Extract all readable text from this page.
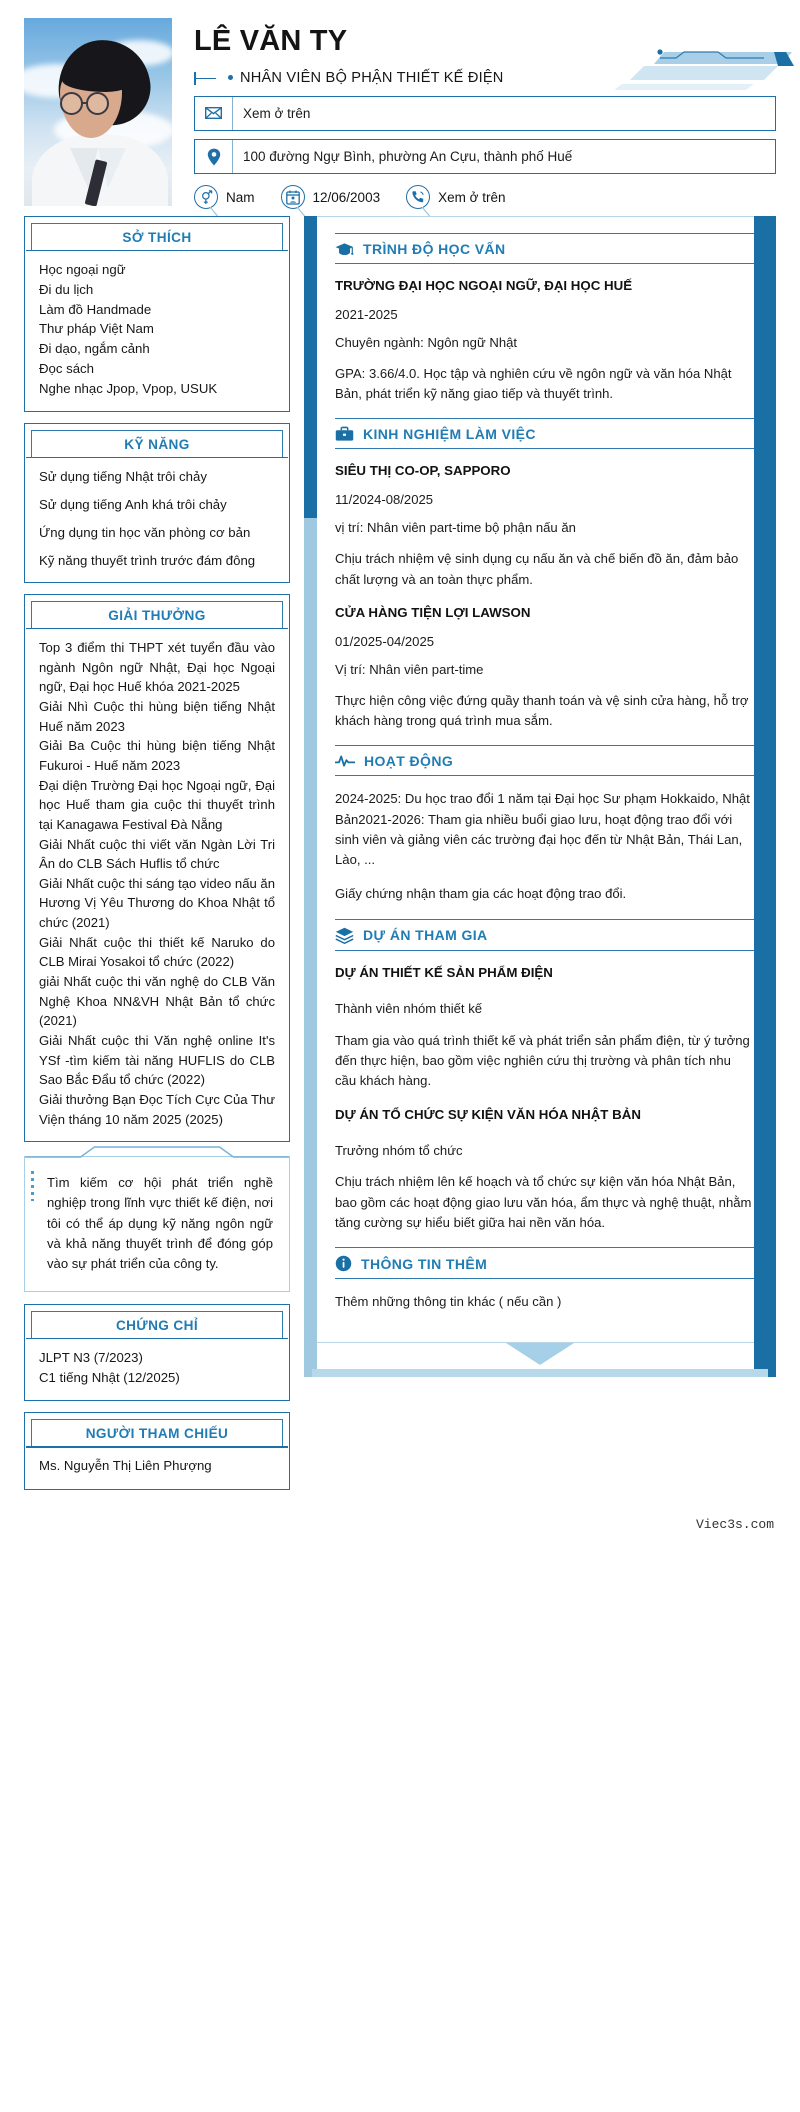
LÊ VĂN TY
NHÂN VIÊN BỘ PHẬN THIẾT KẾ ĐIỆN
Xem ở trên
100 đường Ngự Bình, phường An Cựu, thành phố Huế
Nam	12/06/2003	Xem ở trên
SỞ THÍCH
Học ngoại ngữ
Đi du lịch
Làm đồ Handmade
Thư pháp Việt Nam
Đi dạo, ngắm cảnh
Đọc sách
Nghe nhạc Jpop, Vpop, USUK
KỸ NĂNG
Sử dụng tiếng Nhật trôi chảy
Sử dụng tiếng Anh khá trôi chảy
Ứng dụng tin học văn phòng cơ bản
Kỹ năng thuyết trình trước đám đông
GIẢI THƯỞNG
Top 3 điểm thi THPT xét tuyển đầu vào ngành Ngôn ngữ Nhật, Đại học Ngoại ngữ, Đại học Huế khóa 2021-2025
Giải Nhì Cuộc thi hùng biện tiếng Nhật Huế năm 2023
Giải Ba Cuộc thi hùng biện tiếng Nhật Fukuroi - Huế năm 2023
Đại diện Trường Đại học Ngoại ngữ, Đại học Huế tham gia cuộc thi thuyết trình tại Kanagawa Festival Đà Nẵng
Giải Nhất cuộc thi viết văn Ngàn Lời Tri Ân do CLB Sách Huflis tổ chức
Giải Nhất cuộc thi sáng tạo video nấu ăn Hương Vị Yêu Thương do Khoa Nhật tổ chức (2021)
Giải Nhất cuộc thi thiết kế Naruko do CLB Mirai Yosakoi tổ chức (2022)
giải Nhất cuộc thi văn nghệ do CLB Văn Nghệ Khoa NN&VH Nhật Bản tổ chức (2021)
Giải Nhất cuộc thi Văn nghệ online It's YSf -tìm kiếm tài năng HUFLIS do CLB Sao Bắc Đẩu tổ chức (2022)
Giải thưởng Bạn Đọc Tích Cực Của Thư Viện tháng 10 năm 2025 (2025)
Tìm kiếm cơ hội phát triển nghề nghiệp trong lĩnh vực thiết kế điện, nơi tôi có thể áp dụng kỹ năng ngôn ngữ và khả năng thuyết trình để đóng góp vào sự phát triển của công ty.
CHỨNG CHỈ
JLPT N3 (7/2023)
C1 tiếng Nhật (12/2025)
NGƯỜI THAM CHIẾU
Ms. Nguyễn Thị Liên Phượng
TRÌNH ĐỘ HỌC VẤN
TRƯỜNG ĐẠI HỌC NGOẠI NGỮ, ĐẠI HỌC HUẾ
2021-2025
Chuyên ngành: Ngôn ngữ Nhật
GPA: 3.66/4.0. Học tập và nghiên cứu về ngôn ngữ và văn hóa Nhật Bản, phát triển kỹ năng giao tiếp và thuyết trình.
KINH NGHIỆM LÀM VIỆC
SIÊU THỊ CO-OP, SAPPORO
11/2024-08/2025
vị trí: Nhân viên part-time bộ phận nấu ăn
Chịu trách nhiệm vệ sinh dụng cụ nấu ăn và chế biến đồ ăn, đảm bảo chất lượng và an toàn thực phẩm.
CỬA HÀNG TIỆN LỢI LAWSON
01/2025-04/2025
Vị trí: Nhân viên part-time
Thực hiện công việc đứng quầy thanh toán và vệ sinh cửa hàng, hỗ trợ khách hàng trong quá trình mua sắm.
HOẠT ĐỘNG
2024-2025: Du học trao đổi 1 năm tại Đại học Sư phạm Hokkaido, Nhật Bản2021-2026: Tham gia nhiều buổi giao lưu, hoạt động trao đổi với sinh viên và giảng viên các trường đại học đến từ Nhật Bản, Thái Lan, Lào, ...
Giấy chứng nhận tham gia các hoạt động trao đổi.
DỰ ÁN THAM GIA
DỰ ÁN THIẾT KẾ SẢN PHẨM ĐIỆN
Thành viên nhóm thiết kế
Tham gia vào quá trình thiết kế và phát triển sản phẩm điện, từ ý tưởng đến thực hiện, bao gồm việc nghiên cứu thị trường và phân tích nhu cầu khách hàng.
DỰ ÁN TỔ CHỨC SỰ KIỆN VĂN HÓA NHẬT BẢN
Trưởng nhóm tổ chức
Chịu trách nhiệm lên kế hoạch và tổ chức sự kiện văn hóa Nhật Bản, bao gồm các hoạt động giao lưu văn hóa, ẩm thực và nghệ thuật, nhằm tăng cường sự hiểu biết giữa hai nền văn hóa.
THÔNG TIN THÊM
Thêm những thông tin khác ( nếu cần )
Viec3s.com
